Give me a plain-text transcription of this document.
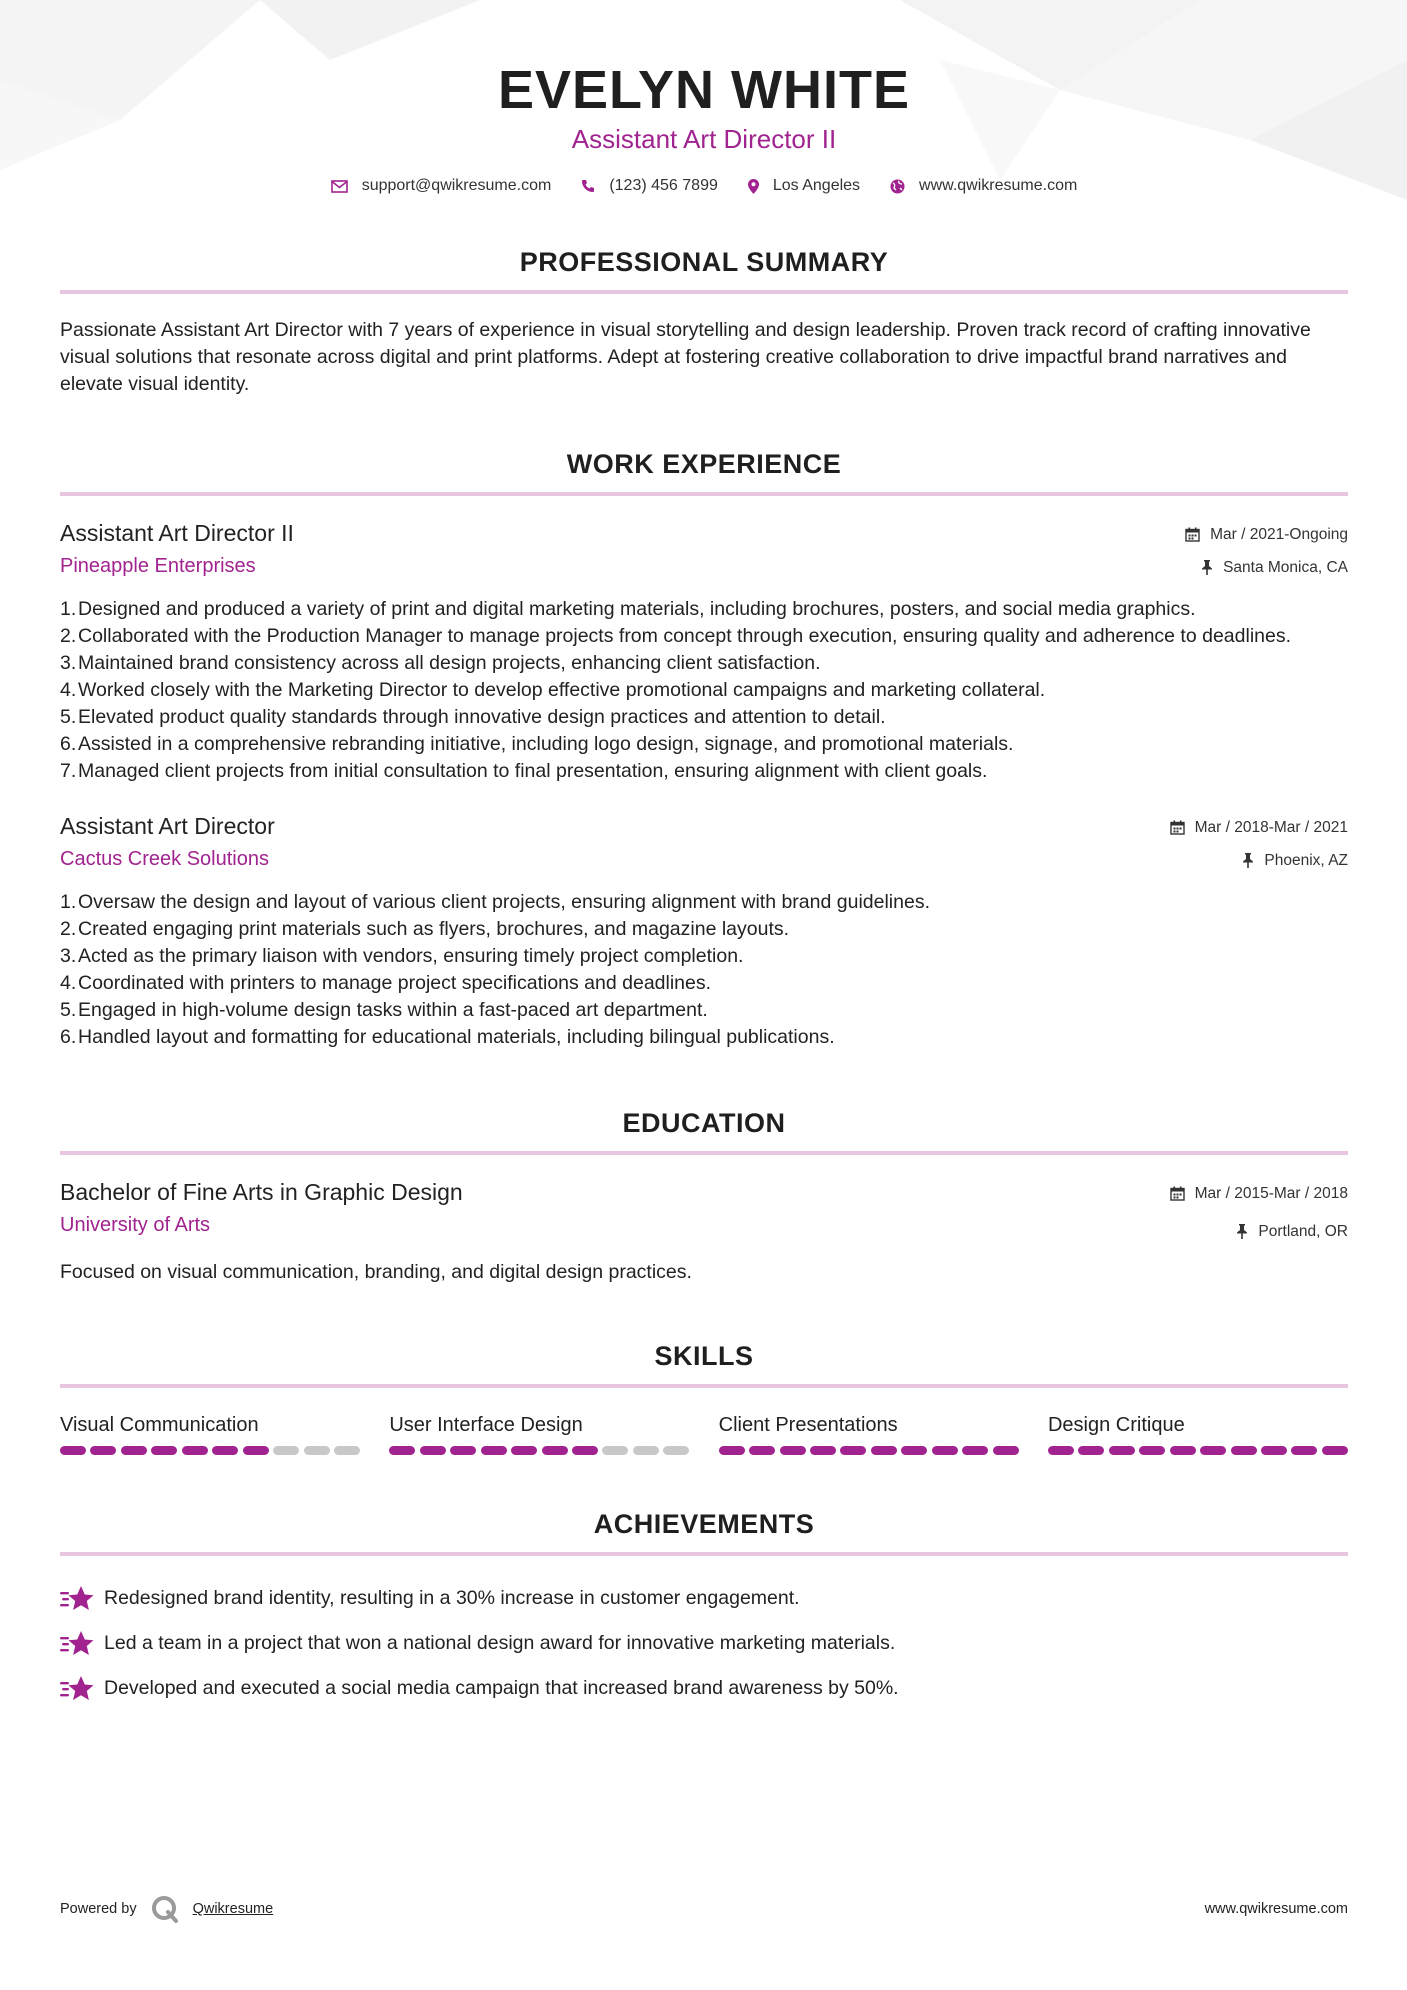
EVELYN WHITE
Assistant Art Director II
support@qwikresume.com	(123) 456 7899	Los Angeles	www.qwikresume.com
PROFESSIONAL SUMMARY

Passionate Assistant Art Director with 7 years of experience in visual storytelling and design leadership. Proven track record of crafting innovative visual solutions that resonate across digital and print platforms. Adept at fostering creative collaboration to drive impactful brand narratives and elevate visual identity.

WORK EXPERIENCE
Assistant Art Director II
Pineapple Enterprises
Mar / 2021-Ongoing
Santa Monica, CA
1. Designed and produced a variety of print and digital marketing materials, including brochures, posters, and social media graphics.
2. Collaborated with the Production Manager to manage projects from concept through execution, ensuring quality and adherence to deadlines.
3. Maintained brand consistency across all design projects, enhancing client satisfaction.
4. Worked closely with the Marketing Director to develop effective promotional campaigns and marketing collateral.
5. Elevated product quality standards through innovative design practices and attention to detail.
6. Assisted in a comprehensive rebranding initiative, including logo design, signage, and promotional materials.
7. Managed client projects from initial consultation to final presentation, ensuring alignment with client goals.
Assistant Art Director
Cactus Creek Solutions
Mar / 2018-Mar / 2021
Phoenix, AZ
1. Oversaw the design and layout of various client projects, ensuring alignment with brand guidelines.
2. Created engaging print materials such as flyers, brochures, and magazine layouts.
3. Acted as the primary liaison with vendors, ensuring timely project completion.
4. Coordinated with printers to manage project specifications and deadlines.
5. Engaged in high-volume design tasks within a fast-paced art department.
6. Handled layout and formatting for educational materials, including bilingual publications.
EDUCATION
Bachelor of Fine Arts in Graphic Design
University of Arts
Mar / 2015-Mar / 2018
Portland, OR

Focused on visual communication, branding, and digital design practices.

SKILLS
Visual Communication	User Interface Design	Client Presentations	Design Critique
ACHIEVEMENTS
Redesigned brand identity, resulting in a 30% increase in customer engagement.
Led a team in a project that won a national design award for innovative marketing materials.
Developed and executed a social media campaign that increased brand awareness by 50%.
Powered by	Qwikresume	www.qwikresume.com
